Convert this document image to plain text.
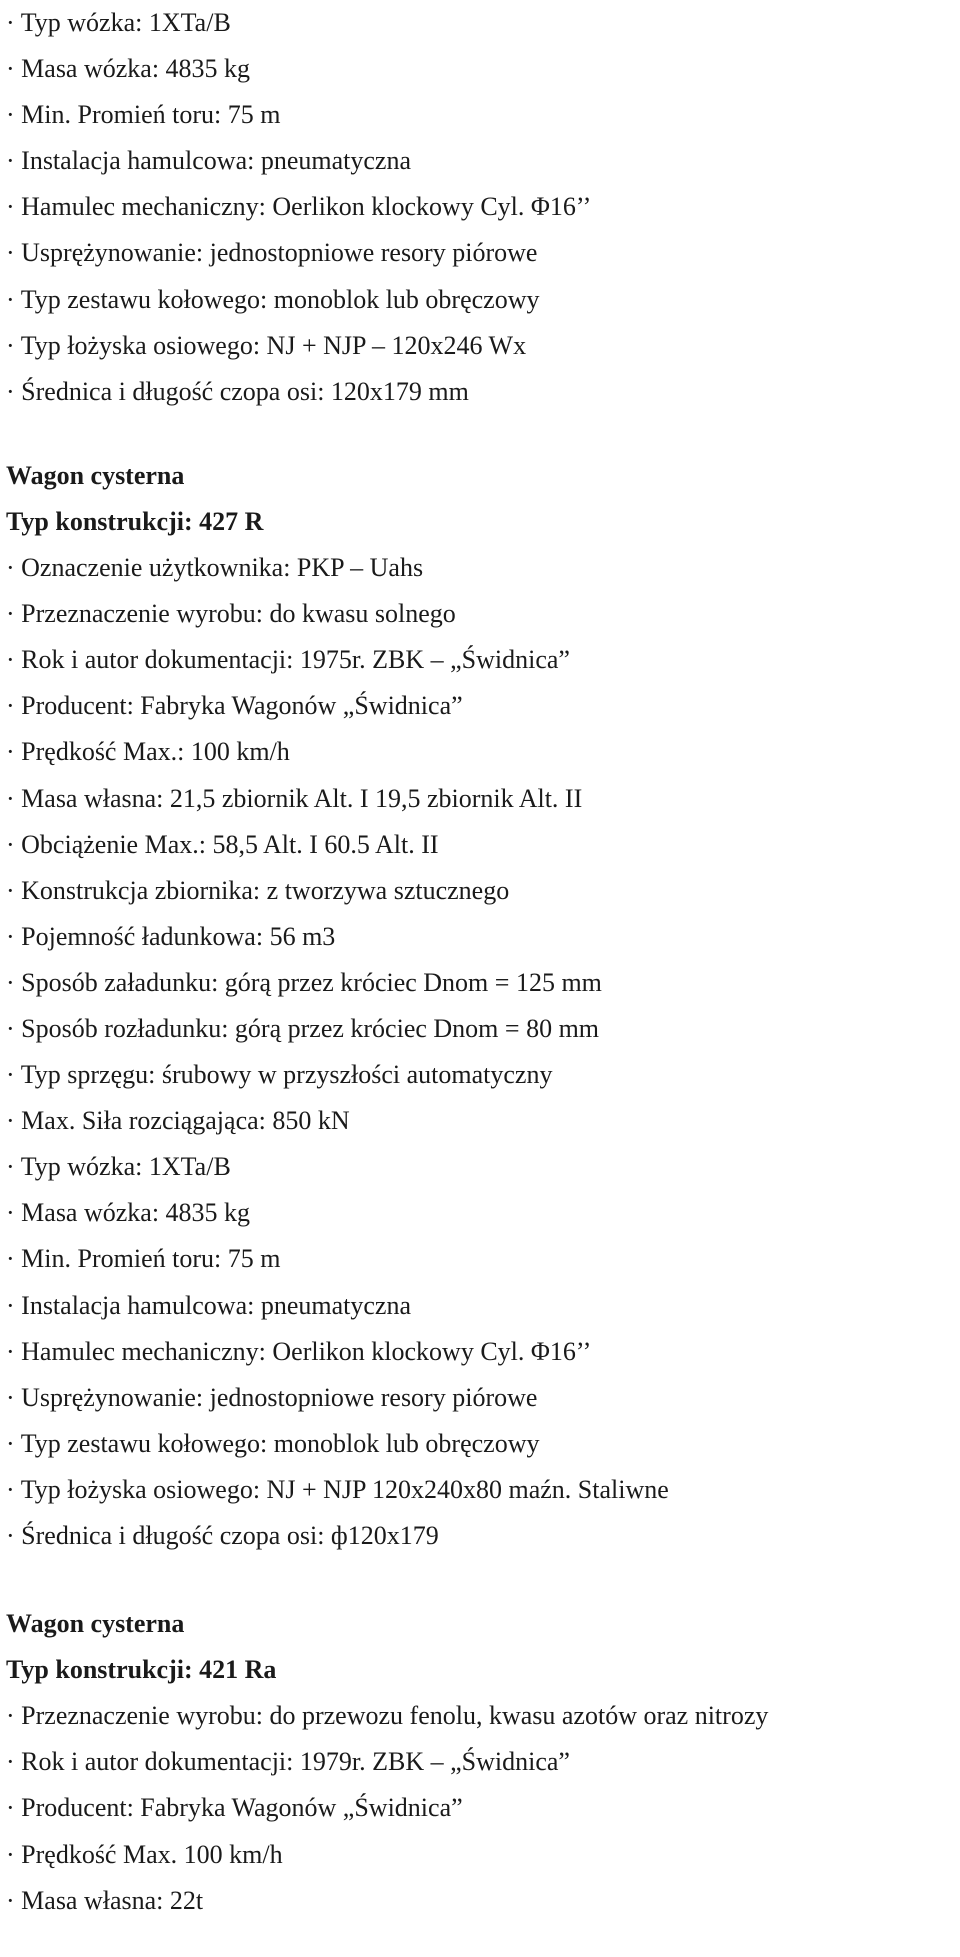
· Typ wózka: 1XTa/B
· Masa wózka: 4835 kg
· Min. Promień toru: 75 m
· Instalacja hamulcowa: pneumatyczna
· Hamulec mechaniczny: Oerlikon klockowy Cyl. Φ16’’
· Usprężynowanie: jednostopniowe resory piórowe
· Typ zestawu kołowego: monoblok lub obręczowy
· Typ łożyska osiowego: NJ + NJP – 120x246 Wx
· Średnica i długość czopa osi: 120x179 mm
Wagon cysterna
Typ konstrukcji: 427 R
· Oznaczenie użytkownika: PKP – Uahs
· Przeznaczenie wyrobu: do kwasu solnego
· Rok i autor dokumentacji: 1975r. ZBK – „Świdnica”
· Producent: Fabryka Wagonów „Świdnica”
· Prędkość Max.: 100 km/h
· Masa własna: 21,5 zbiornik Alt. I 19,5 zbiornik Alt. II
· Obciążenie Max.: 58,5 Alt. I 60.5 Alt. II
· Konstrukcja zbiornika: z tworzywa sztucznego
· Pojemność ładunkowa: 56 m3
· Sposób załadunku: górą przez króciec Dnom = 125 mm
· Sposób rozładunku: górą przez króciec Dnom = 80 mm
· Typ sprzęgu: śrubowy w przyszłości automatyczny
· Max. Siła rozciągająca: 850 kN
· Typ wózka: 1XTa/B
· Masa wózka: 4835 kg
· Min. Promień toru: 75 m
· Instalacja hamulcowa: pneumatyczna
· Hamulec mechaniczny: Oerlikon klockowy Cyl. Φ16’’
· Usprężynowanie: jednostopniowe resory piórowe
· Typ zestawu kołowego: monoblok lub obręczowy
· Typ łożyska osiowego: NJ + NJP 120x240x80 maźn. Staliwne
· Średnica i długość czopa osi: ф120x179
Wagon cysterna
Typ konstrukcji: 421 Ra
· Przeznaczenie wyrobu: do przewozu fenolu, kwasu azotów oraz nitrozy
· Rok i autor dokumentacji: 1979r. ZBK – „Świdnica”
· Producent: Fabryka Wagonów „Świdnica”
· Prędkość Max. 100 km/h
· Masa własna: 22t
